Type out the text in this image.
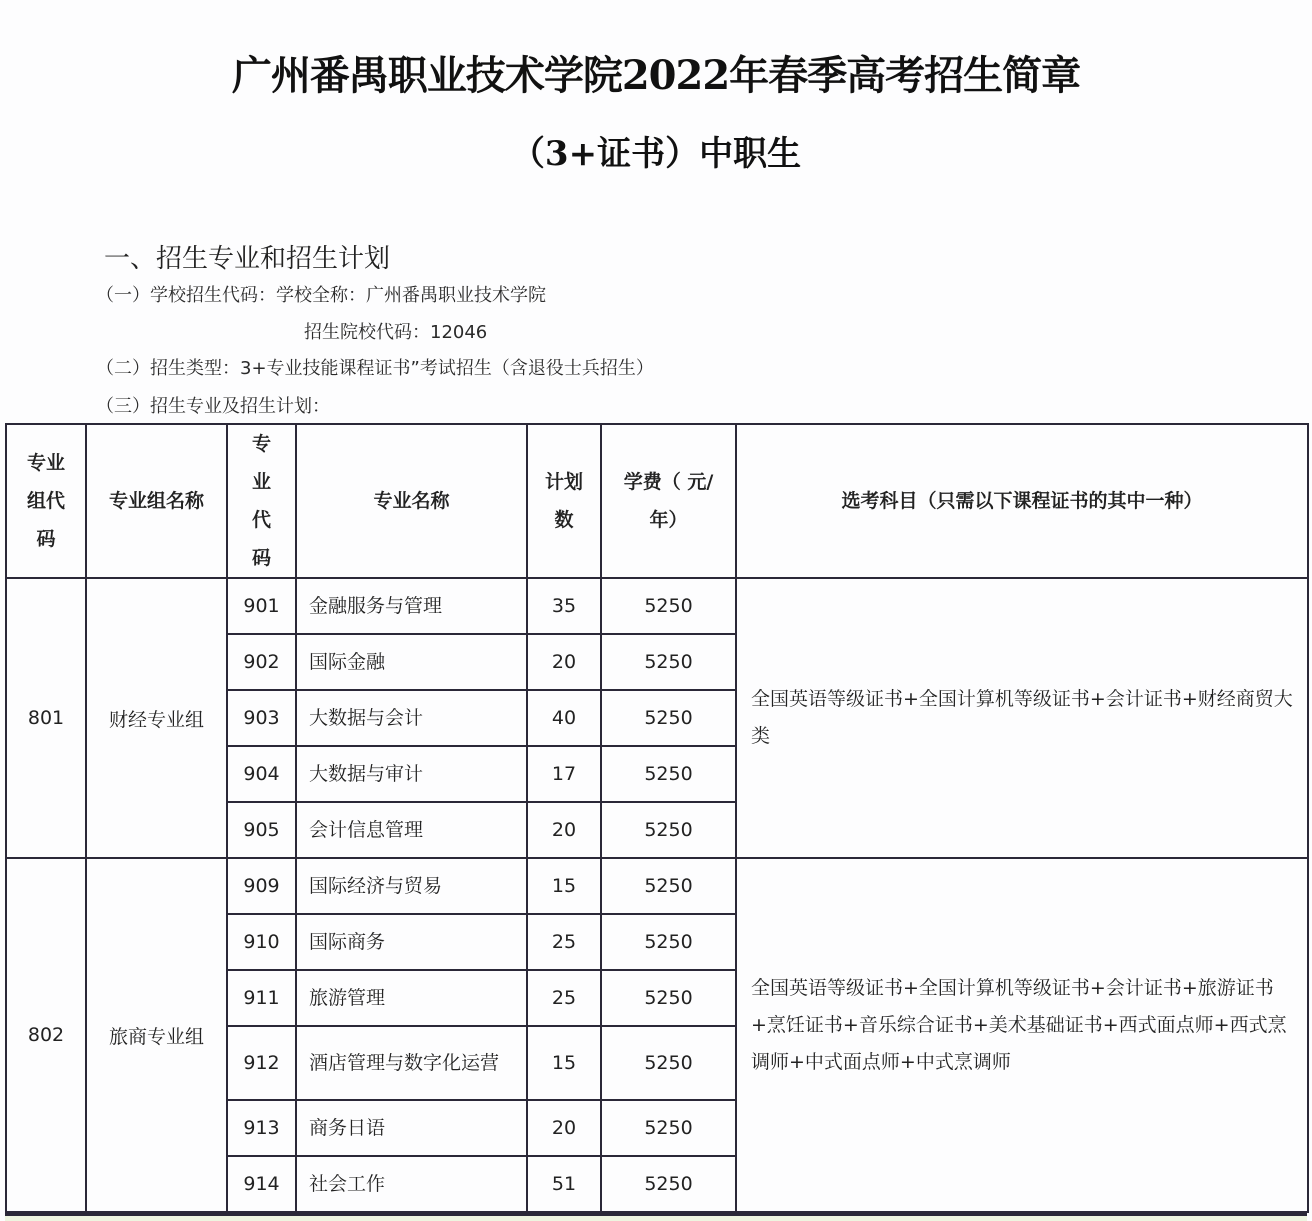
广州番禺职业技术学院2022年春季高考招生简章
（3+证书）中职生
一、招生专业和招生计划
（一）学校招生代码：学校全称：广州番禺职业技术学院
招生院校代码：12046
（二）招生类型：3+专业技能课程证书”考试招生（含退役士兵招生）
（三）招生专业及招生计划：
专业组代码	专业组名称	专业代码	专业名称	计划数	学费（ 元/年）	选考科目（只需以下课程证书的其中一种）
801	财经专业组	901	金融服务与管理	35	5250	全国英语等级证书+全国计算机等级证书+会计证书+财经商贸大类
		902	国际金融	20	5250	
		903	大数据与会计	40	5250	
		904	大数据与审计	17	5250	
		905	会计信息管理	20	5250	
802	旅商专业组	909	国际经济与贸易	15	5250	全国英语等级证书+全国计算机等级证书+会计证书+旅游证书+烹饪证书+音乐综合证书+美术基础证书+西式面点师+西式烹调师+中式面点师+中式烹调师

		910	国际商务	25	5250	
		911	旅游管理	25	5250	
		912	酒店管理与数字化运营	15	5250	
		913	商务日语	20	5250	
		914	社会工作	51	5250	
